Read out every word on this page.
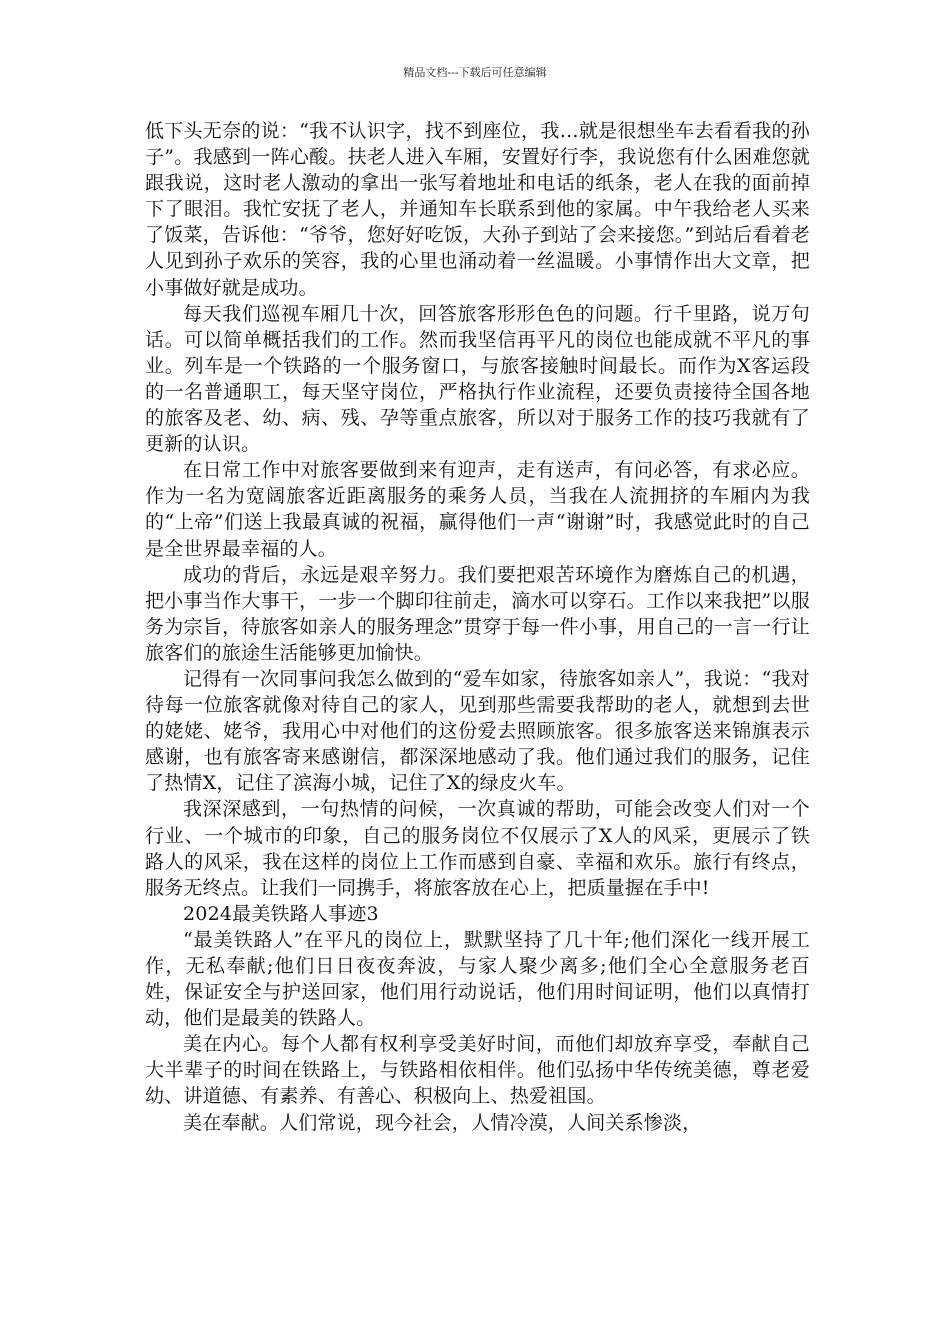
精品文档---下载后可任意编辑

低下头无奈的说：“我不认识字，找不到座位，我…就是很想坐车去看看我的孙子”。我感到一阵心酸。扶老人进入车厢，安置好行李，我说您有什么困难您就跟我说，这时老人激动的拿出一张写着地址和电话的纸条，老人在我的面前掉下了眼泪。我忙安抚了老人，并通知车长联系到他的家属。中午我给老人买来了饭菜，告诉他：“爷爷，您好好吃饭，大孙子到站了会来接您。”到站后看着老人见到孙子欢乐的笑容，我的心里也涌动着一丝温暖。小事情作出大文章，把小事做好就是成功。

每天我们巡视车厢几十次，回答旅客形形色色的问题。行千里路，说万句话。可以简单概括我们的工作。然而我坚信再平凡的岗位也能成就不平凡的事业。列车是一个铁路的一个服务窗口，与旅客接触时间最长。而作为X客运段的一名普通职工，每天坚守岗位，严格执行作业流程，还要负责接待全国各地的旅客及老、幼、病、残、孕等重点旅客，所以对于服务工作的技巧我就有了更新的认识。

在日常工作中对旅客要做到来有迎声，走有送声，有问必答，有求必应。作为一名为宽阔旅客近距离服务的乘务人员，当我在人流拥挤的车厢内为我的“上帝”们送上我最真诚的祝福，赢得他们一声“谢谢”时，我感觉此时的自己是全世界最幸福的人。

成功的背后，永远是艰辛努力。我们要把艰苦环境作为磨炼自己的机遇，把小事当作大事干，一步一个脚印往前走，滴水可以穿石。工作以来我把”以服务为宗旨，待旅客如亲人的服务理念”贯穿于每一件小事，用自己的一言一行让旅客们的旅途生活能够更加愉快。

记得有一次同事问我怎么做到的“爱车如家，待旅客如亲人”，我说：“我对待每一位旅客就像对待自己的家人，见到那些需要我帮助的老人，就想到去世的姥姥、姥爷，我用心中对他们的这份爱去照顾旅客。很多旅客送来锦旗表示感谢，也有旅客寄来感谢信，都深深地感动了我。他们通过我们的服务，记住了热情X，记住了滨海小城，记住了X的绿皮火车。

我深深感到，一句热情的问候，一次真诚的帮助，可能会改变人们对一个行业、一个城市的印象，自己的服务岗位不仅展示了X人的风采，更展示了铁路人的风采，我在这样的岗位上工作而感到自豪、幸福和欢乐。旅行有终点，服务无终点。让我们一同携手，将旅客放在心上，把质量握在手中!

2024最美铁路人事迹3

“最美铁路人”在平凡的岗位上，默默坚持了几十年;他们深化一线开展工作，无私奉献;他们日日夜夜奔波，与家人聚少离多;他们全心全意服务老百姓，保证安全与护送回家，他们用行动说话，他们用时间证明，他们以真情打动，他们是最美的铁路人。

美在内心。每个人都有权利享受美好时间，而他们却放弃享受，奉献自己大半辈子的时间在铁路上，与铁路相依相伴。他们弘扬中华传统美德，尊老爱幼、讲道德、有素养、有善心、积极向上、热爱祖国。

美在奉献。人们常说，现今社会，人情冷漠，人间关系惨淡，
